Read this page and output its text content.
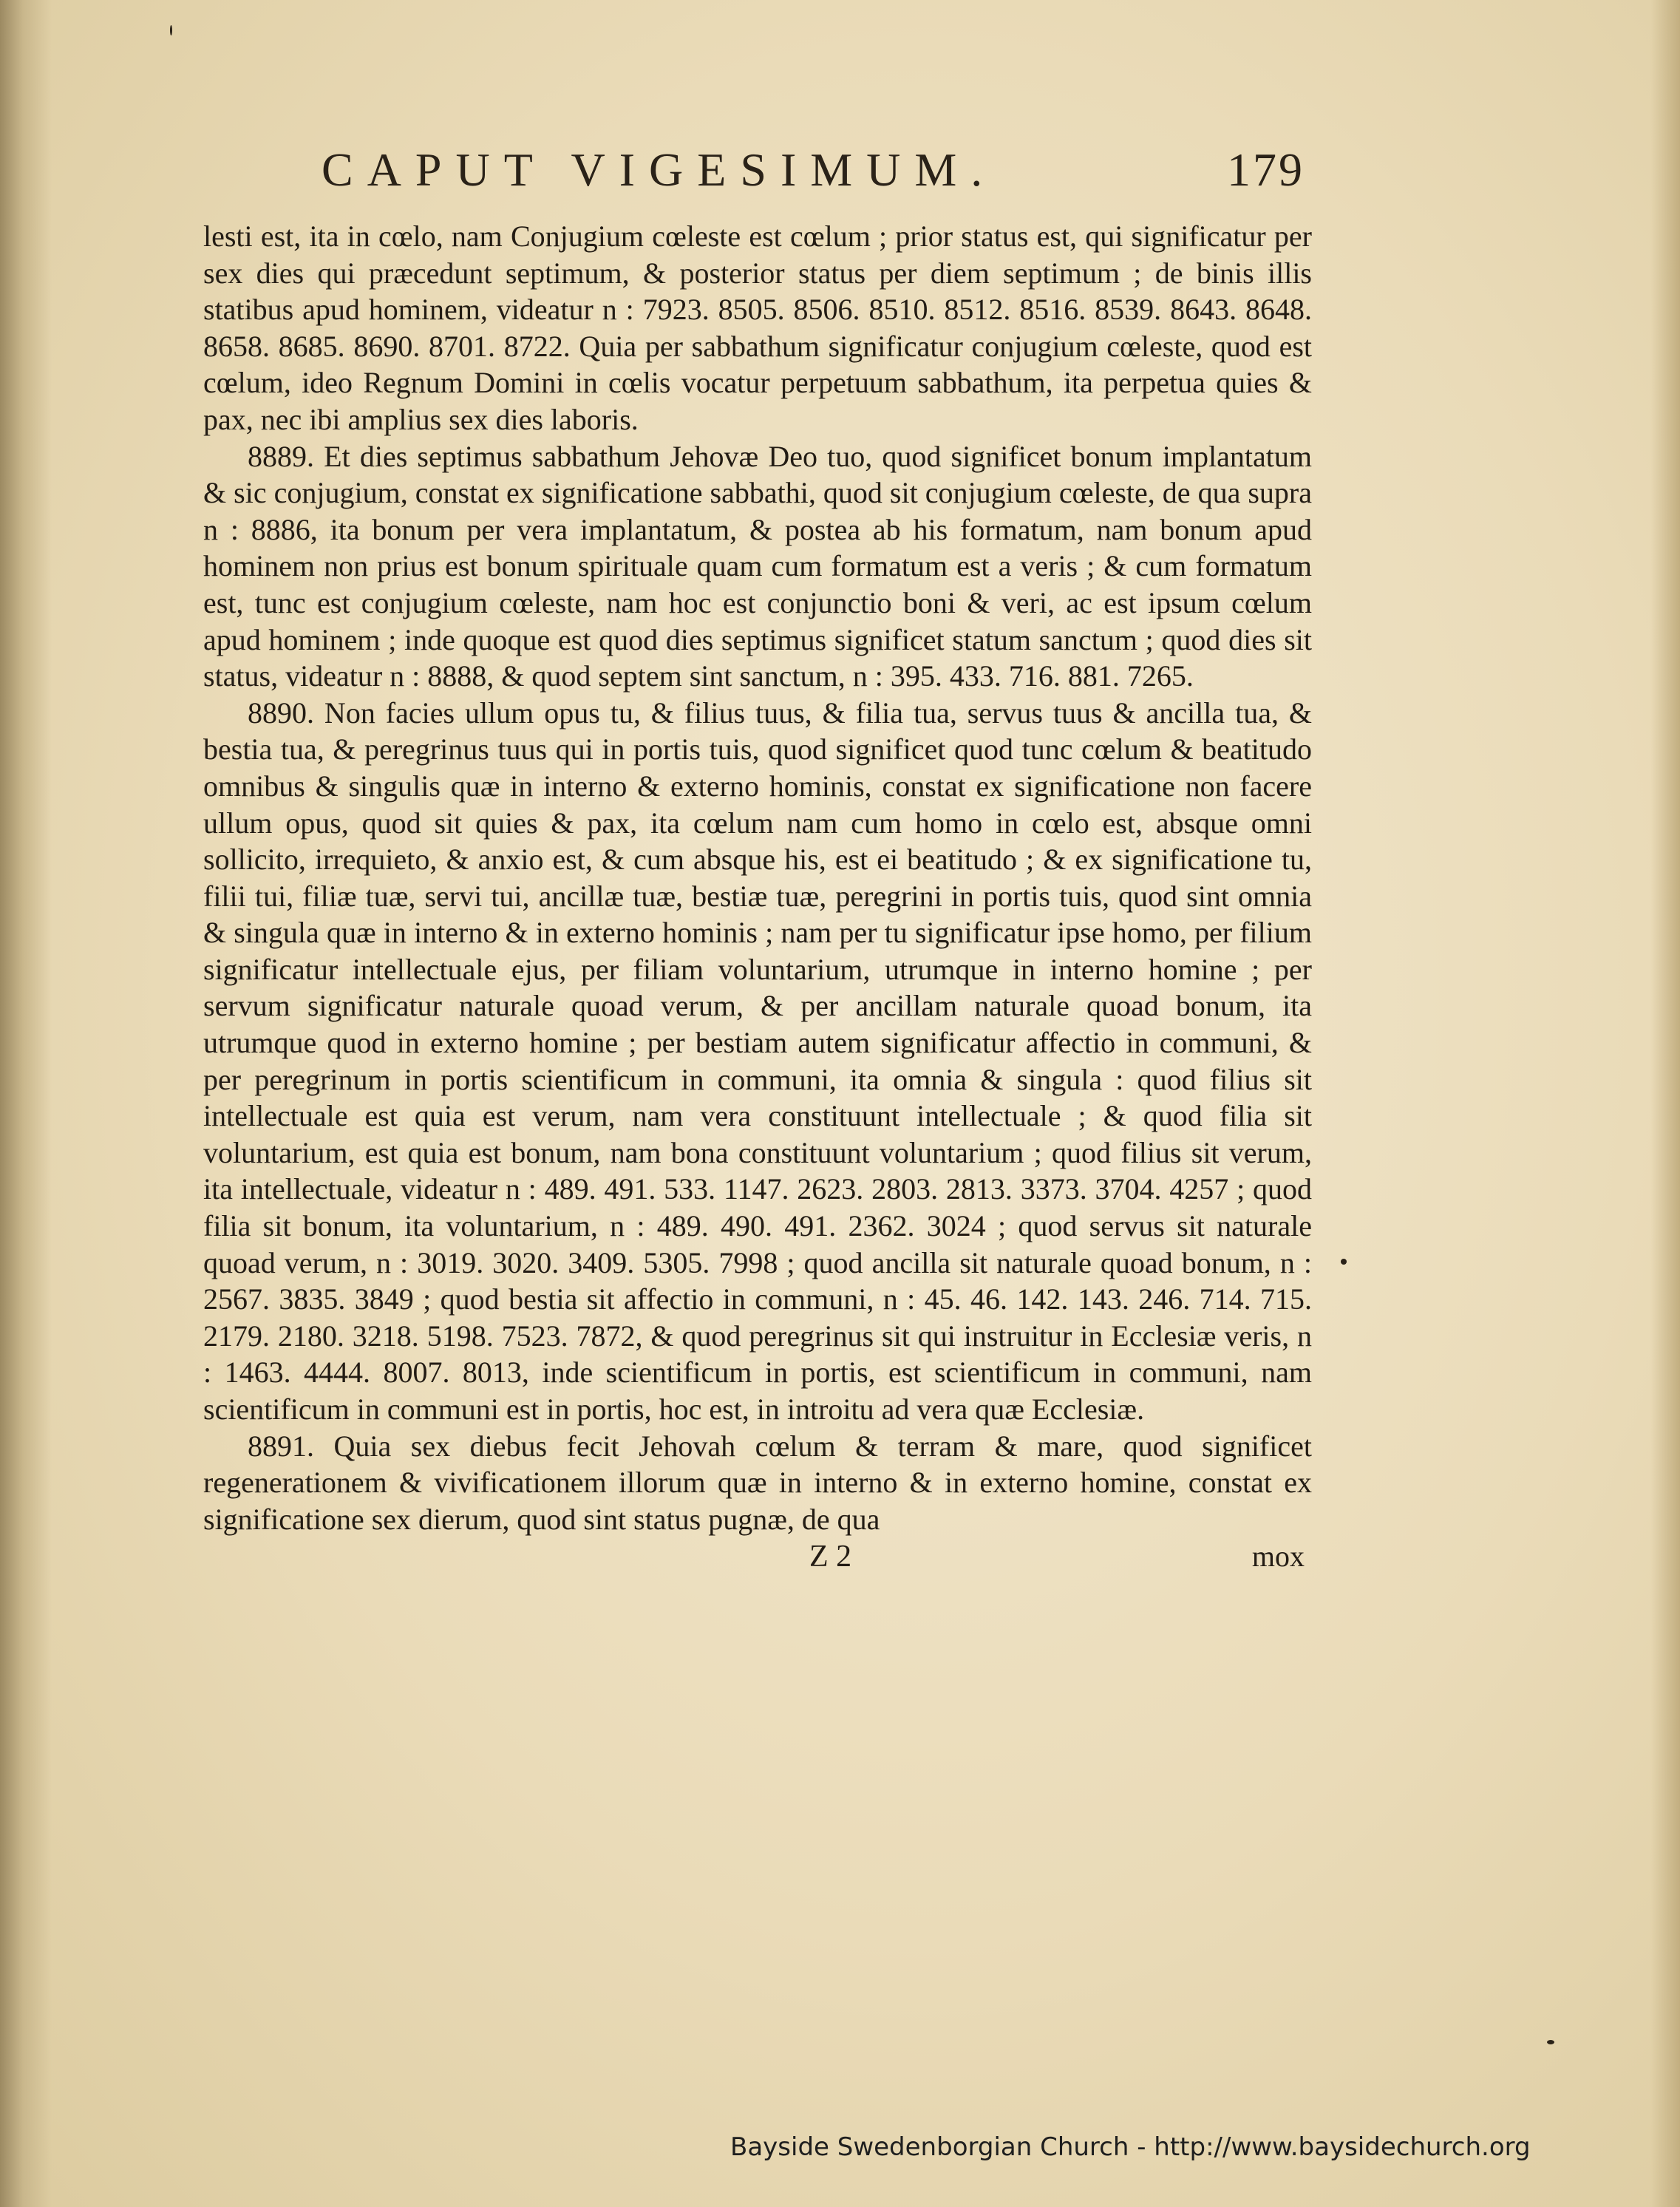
CAPUT VIGESIMUM.	179

lesti est, ita in cœlo, nam Conjugium cœleste est cœlum ; prior status est, qui significatur per sex dies qui præcedunt septimum, & posterior status per diem septimum ; de binis illis statibus apud hominem, videatur n : 7923. 8505. 8506. 8510. 8512. 8516. 8539. 8643. 8648. 8658. 8685. 8690. 8701. 8722. Quia per sabbathum significatur conjugium cœleste, quod est cœlum, ideo Regnum Domini in cœlis vocatur perpetuum sabbathum, ita perpetua quies & pax, nec ibi amplius sex dies laboris.

8889. Et dies septimus sabbathum Jehovæ Deo tuo, quod significet bonum implantatum & sic conjugium, constat ex significatione sabbathi, quod sit conjugium cœleste, de qua supra n : 8886, ita bonum per vera implantatum, & postea ab his formatum, nam bonum apud hominem non prius est bonum spirituale quam cum formatum est a veris ; & cum formatum est, tunc est conjugium cœleste, nam hoc est conjunctio boni & veri, ac est ipsum cœlum apud hominem ; inde quoque est quod dies septimus significet statum sanctum ; quod dies sit status, videatur n : 8888, & quod septem sint sanctum, n : 395. 433. 716. 881. 7265.

8890. Non facies ullum opus tu, & filius tuus, & filia tua, servus tuus & ancilla tua, & bestia tua, & peregrinus tuus qui in portis tuis, quod significet quod tunc cœlum & beatitudo omnibus & singulis quæ in interno & externo hominis, constat ex significatione non facere ullum opus, quod sit quies & pax, ita cœlum nam cum homo in cœlo est, absque omni sollicito, irrequieto, & anxio est, & cum absque his, est ei beatitudo ; & ex significatione tu, filii tui, filiæ tuæ, servi tui, ancillæ tuæ, bestiæ tuæ, peregrini in portis tuis, quod sint omnia & singula quæ in interno & in externo hominis ; nam per tu significatur ipse homo, per filium significatur intellectuale ejus, per filiam voluntarium, utrumque in interno homine ; per servum significatur naturale quoad verum, & per ancillam naturale quoad bonum, ita utrumque quod in externo homine ; per bestiam autem significatur affectio in communi, & per peregrinum in portis scientificum in communi, ita omnia & singula : quod filius sit intellectuale est quia est verum, nam vera constituunt intellectuale ; & quod filia sit voluntarium, est quia est bonum, nam bona constituunt voluntarium ; quod filius sit verum, ita intellectuale, videatur n : 489. 491. 533. 1147. 2623. 2803. 2813. 3373. 3704. 4257 ; quod filia sit bonum, ita voluntarium, n : 489. 490. 491. 2362. 3024 ; quod servus sit naturale quoad verum, n : 3019. 3020. 3409. 5305. 7998 ; quod ancilla sit naturale quoad bonum, n : 2567. 3835. 3849 ; quod bestia sit affectio in communi, n : 45. 46. 142. 143. 246. 714. 715. 2179. 2180. 3218. 5198. 7523. 7872, & quod peregrinus sit qui instruitur in Ecclesiæ veris, n : 1463. 4444. 8007. 8013, inde scientificum in portis, est scientificum in communi, nam scientificum in communi est in portis, hoc est, in introitu ad vera quæ Ecclesiæ.

8891. Quia sex diebus fecit Jehovah cœlum & terram & mare, quod significet regenerationem & vivificationem illorum quæ in interno & in externo homine, constat ex significatione sex dierum, quod sint status pugnæ, de qua

Z 2	mox
Bayside Swedenborgian Church - http://www.baysidechurch.org
